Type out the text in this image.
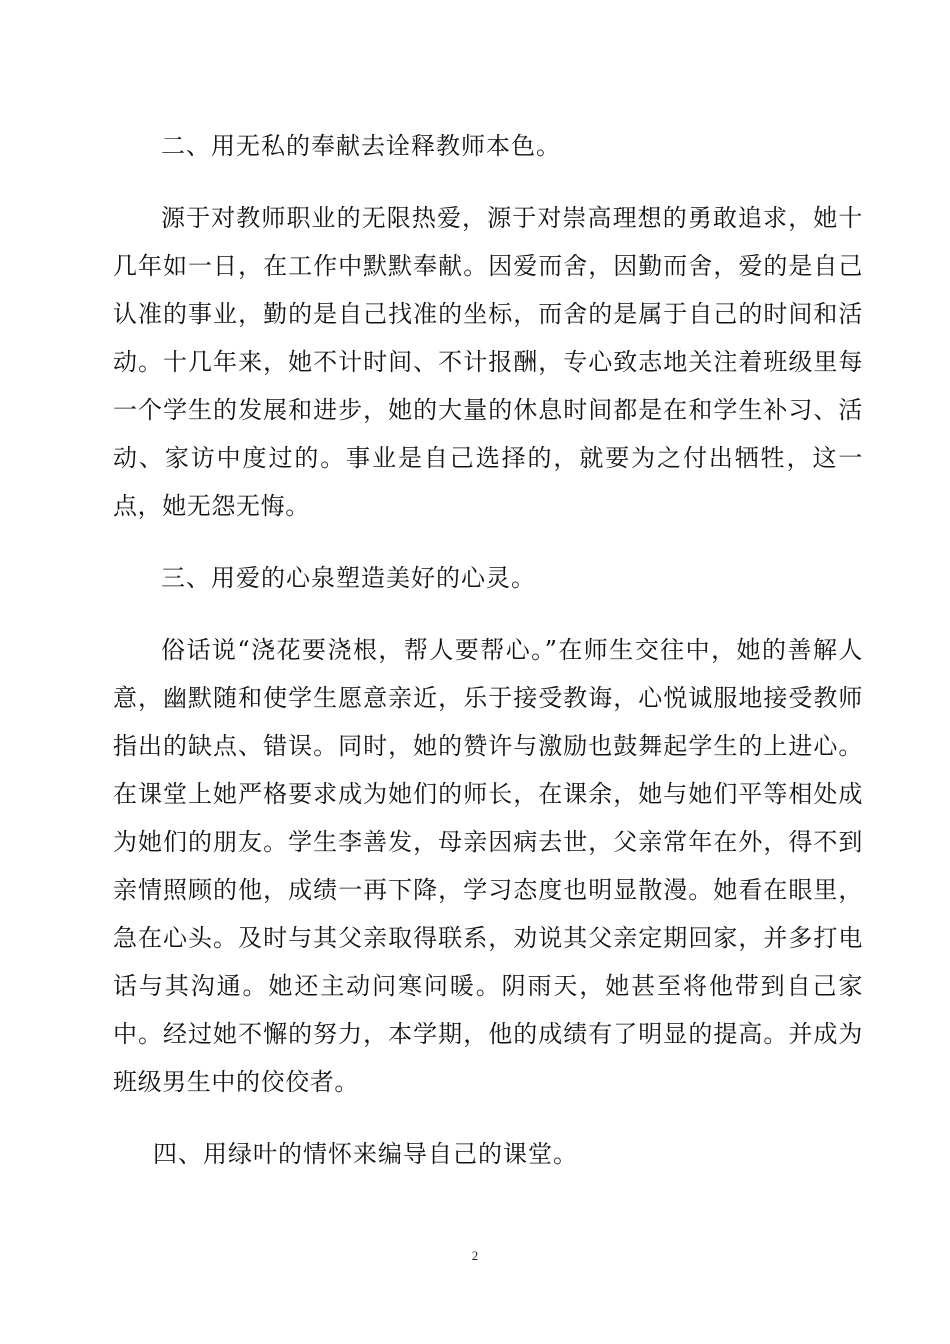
二、用无私的奉献去诠释教师本色。

源于对教师职业的无限热爱，源于对崇高理想的勇敢追求，她十几年如一日，在工作中默默奉献。因爱而舍，因勤而舍，爱的是自己认准的事业，勤的是自己找准的坐标，而舍的是属于自己的时间和活动。十几年来，她不计时间、不计报酬，专心致志地关注着班级里每一个学生的发展和进步，她的大量的休息时间都是在和学生补习、活动、家访中度过的。事业是自己选择的，就要为之付出牺牲，这一点，她无怨无悔。

三、用爱的心泉塑造美好的心灵。

俗话说“浇花要浇根，帮人要帮心。”在师生交往中，她的善解人意，幽默随和使学生愿意亲近，乐于接受教诲，心悦诚服地接受教师指出的缺点、错误。同时，她的赞许与激励也鼓舞起学生的上进心。在课堂上她严格要求成为她们的师长，在课余，她与她们平等相处成为她们的朋友。学生李善发，母亲因病去世，父亲常年在外，得不到亲情照顾的他，成绩一再下降，学习态度也明显散漫。她看在眼里，急在心头。及时与其父亲取得联系，劝说其父亲定期回家，并多打电话与其沟通。她还主动问寒问暖。阴雨天，她甚至将他带到自己家中。经过她不懈的努力，本学期，他的成绩有了明显的提高。并成为班级男生中的佼佼者。

四、用绿叶的情怀来编导自己的课堂。

2
